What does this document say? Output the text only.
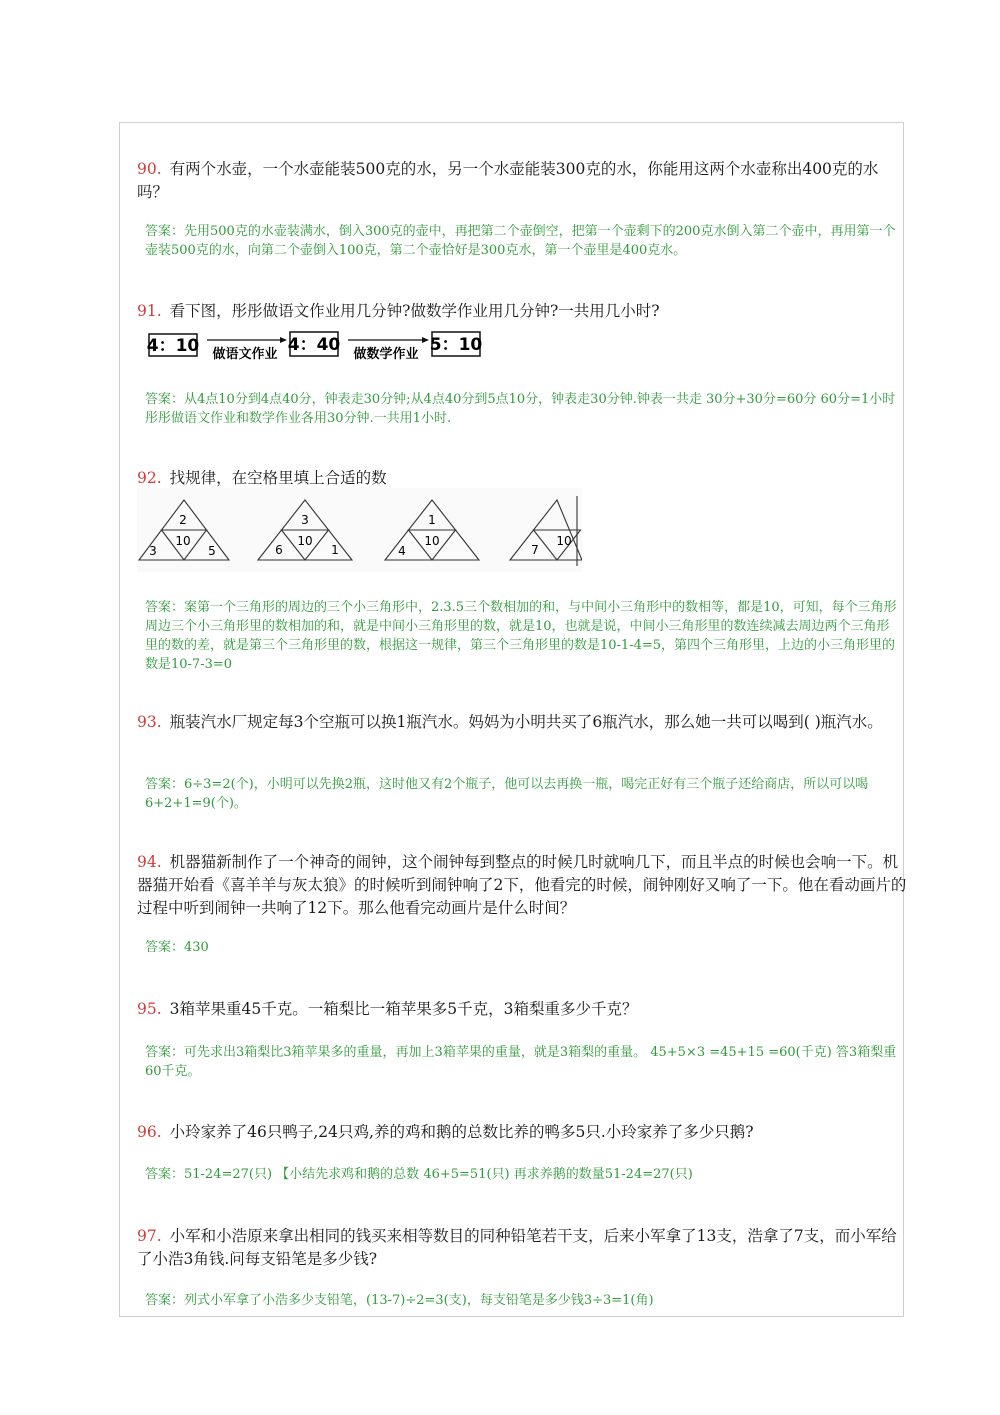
90. 有两个水壶，一个水壶能装500克的水，另一个水壶能装300克的水，你能用这两个水壶称出400克的水吗？

答案：先用500克的水壶装满水，倒入300克的壶中，再把第二个壶倒空，把第一个壶剩下的200克水倒入第二个壶中，再用第一个壶装500克的水，向第二个壶倒入100克，第二个壶恰好是300克水，第一个壶里是400克水。

91. 看下图，彤彤做语文作业用几分钟?做数学作业用几分钟?一共用几小时?

4：10 做语文作业 4：40 做数学作业 5：10

答案：从4点10分到4点40分，钟表走30分钟;从4点40分到5点10分，钟表走30分钟.钟表一共走 30分+30分=60分 60分=1小时 彤彤做语文作业和数学作业各用30分钟.一共用1小时.

92. 找规律，在空格里填上合适的数

2
10
3	5
3
10
6	1
1
10
4
10
7

答案：案第一个三角形的周边的三个小三角形中，2.3.5三个数相加的和，与中间小三角形中的数相等，都是10，可知，每个三角形周边三个小三角形里的数相加的和，就是中间小三角形里的数，就是10，也就是说，中间小三角形里的数连续减去周边两个三角形里的数的差，就是第三个三角形里的数，根据这一规律，第三个三角形里的数是10-1-4=5，第四个三角形里，上边的小三角形里的数是10-7-3=0

93. 瓶装汽水厂规定每3个空瓶可以换1瓶汽水。妈妈为小明共买了6瓶汽水，那么她一共可以喝到( )瓶汽水。

答案：6÷3=2(个)，小明可以先换2瓶，这时他又有2个瓶子，他可以去再换一瓶，喝完正好有三个瓶子还给商店，所以可以喝6+2+1=9(个)。

94. 机器猫新制作了一个神奇的闹钟，这个闹钟每到整点的时候几时就响几下，而且半点的时候也会响一下。机器猫开始看《喜羊羊与灰太狼》的时候听到闹钟响了2下，他看完的时候，闹钟刚好又响了一下。他在看动画片的过程中听到闹钟一共响了12下。那么他看完动画片是什么时间？

答案：430

95. 3箱苹果重45千克。一箱梨比一箱苹果多5千克，3箱梨重多少千克？

答案：可先求出3箱梨比3箱苹果多的重量，再加上3箱苹果的重量，就是3箱梨的重量。 45+5×3 =45+15 =60(千克) 答3箱梨重60千克。

96. 小玲家养了46只鸭子,24只鸡,养的鸡和鹅的总数比养的鸭多5只.小玲家养了多少只鹅?

答案：51-24=27(只) 【小结先求鸡和鹅的总数 46+5=51(只) 再求养鹅的数量51-24=27(只)

97. 小军和小浩原来拿出相同的钱买来相等数目的同种铅笔若干支，后来小军拿了13支，浩拿了7支，而小军给了小浩3角钱.问每支铅笔是多少钱?

答案：列式小军拿了小浩多少支铅笔，(13-7)÷2=3(支)，每支铅笔是多少钱3÷3=1(角)
